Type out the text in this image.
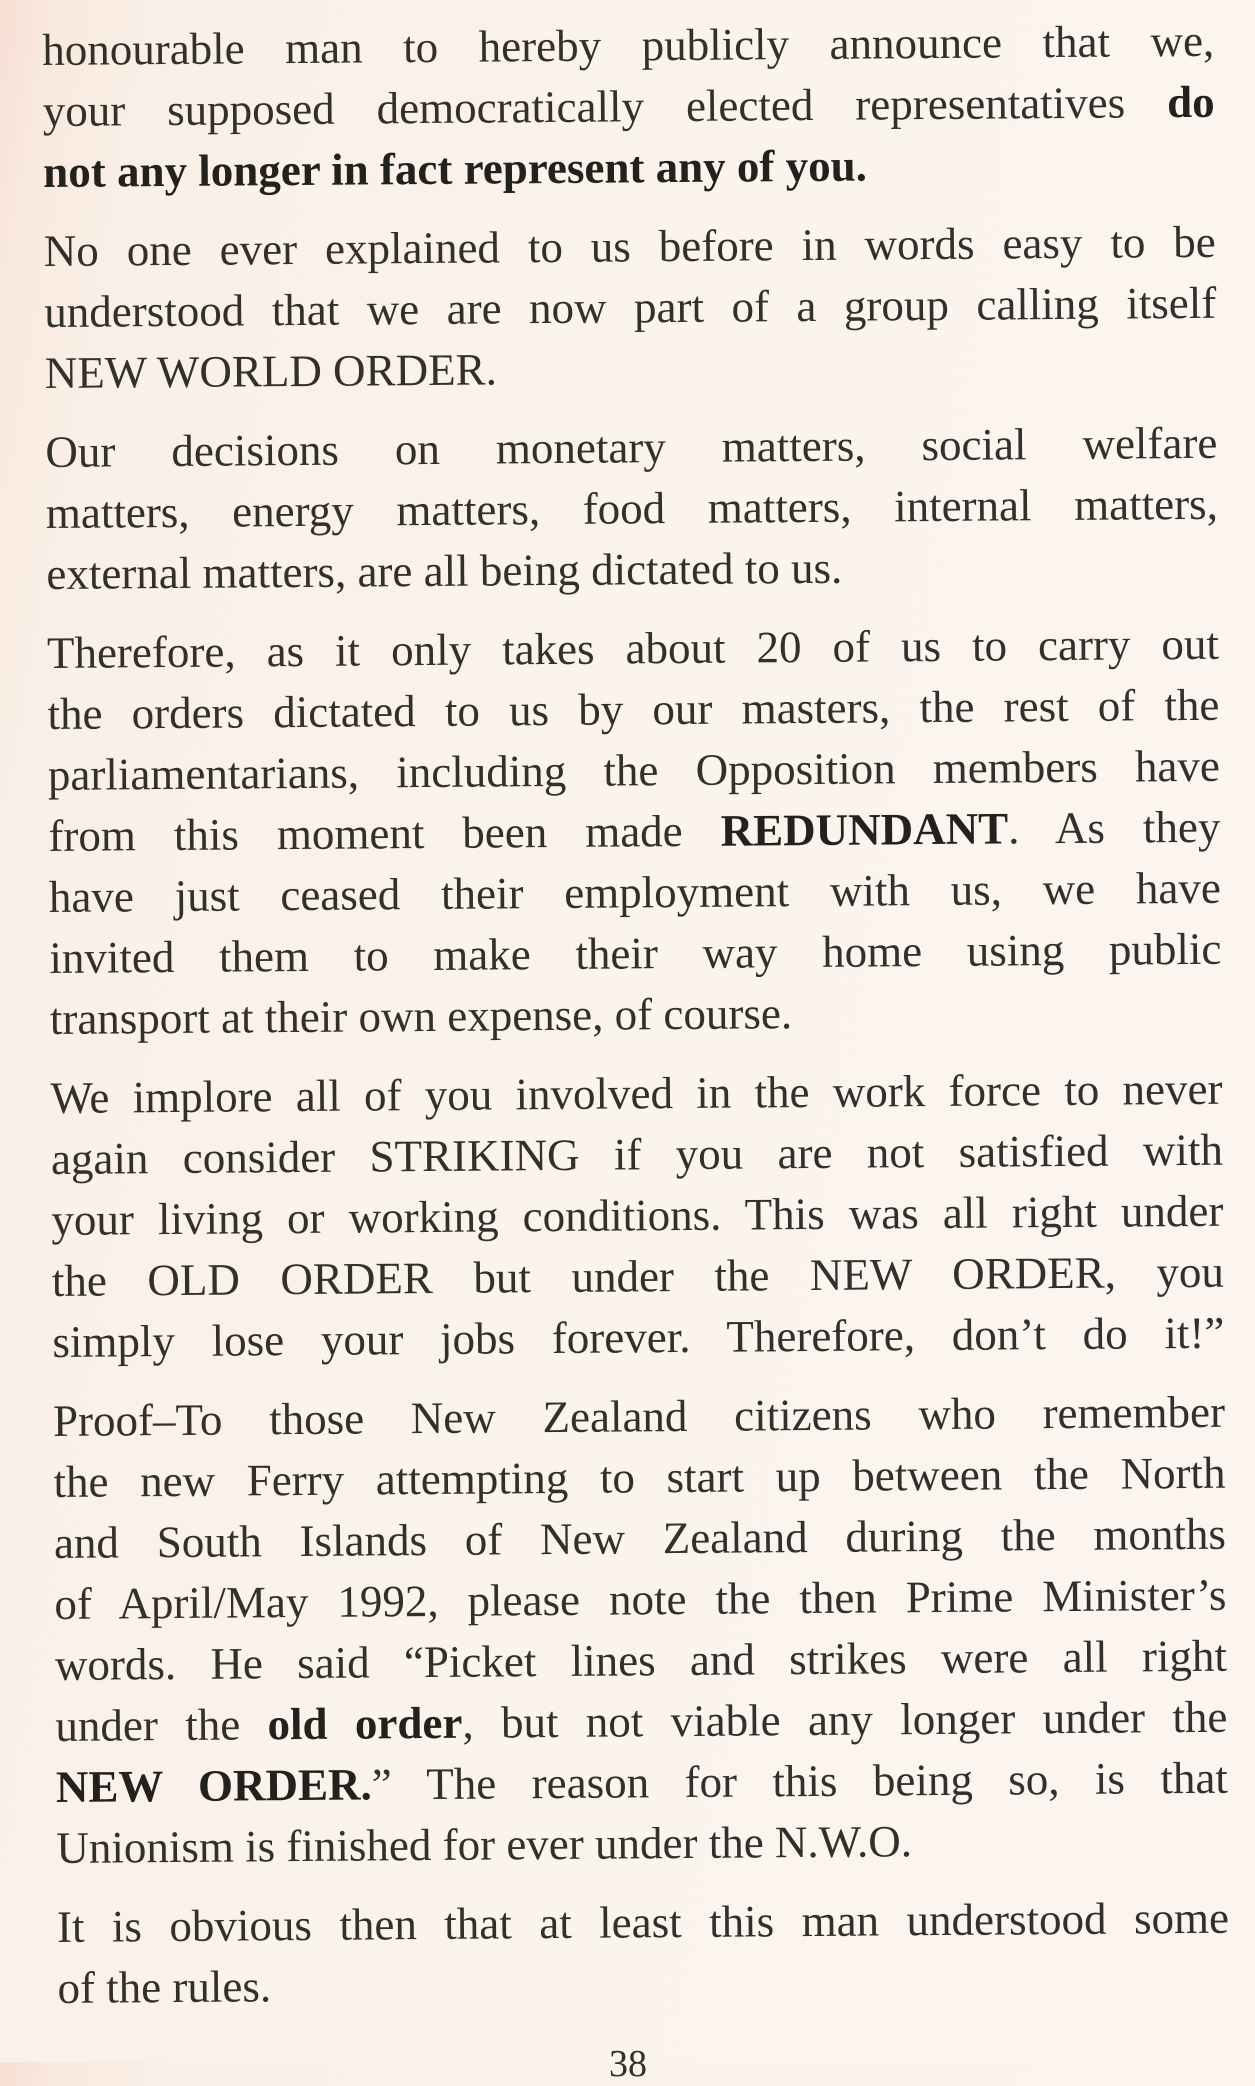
honourable man to hereby publicly announce that we,
your supposed democratically elected representatives do
not any longer in fact represent any of you.

No one ever explained to us before in words easy to be
understood that we are now part of a group calling itself
NEW WORLD ORDER.

Our decisions on monetary matters, social welfare
matters, energy matters, food matters, internal matters,
external matters, are all being dictated to us.

Therefore, as it only takes about 20 of us to carry out
the orders dictated to us by our masters, the rest of the
parliamentarians, including the Opposition members have
from this moment been made REDUNDANT. As they
have just ceased their employment with us, we have
invited them to make their way home using public
transport at their own expense, of course.

We implore all of you involved in the work force to never
again consider STRIKING if you are not satisfied with
your living or working conditions. This was all right under
the OLD ORDER but under the NEW ORDER, you
simply lose your jobs forever. Therefore, don’t do it!”

Proof–To those New Zealand citizens who remember
the new Ferry attempting to start up between the North
and South Islands of New Zealand during the months
of April/May 1992, please note the then Prime Minister’s
words. He said “Picket lines and strikes were all right
under the old order, but not viable any longer under the
NEW ORDER.” The reason for this being so, is that
Unionism is finished for ever under the N.W.O.

It is obvious then that at least this man understood some
of the rules.

38
